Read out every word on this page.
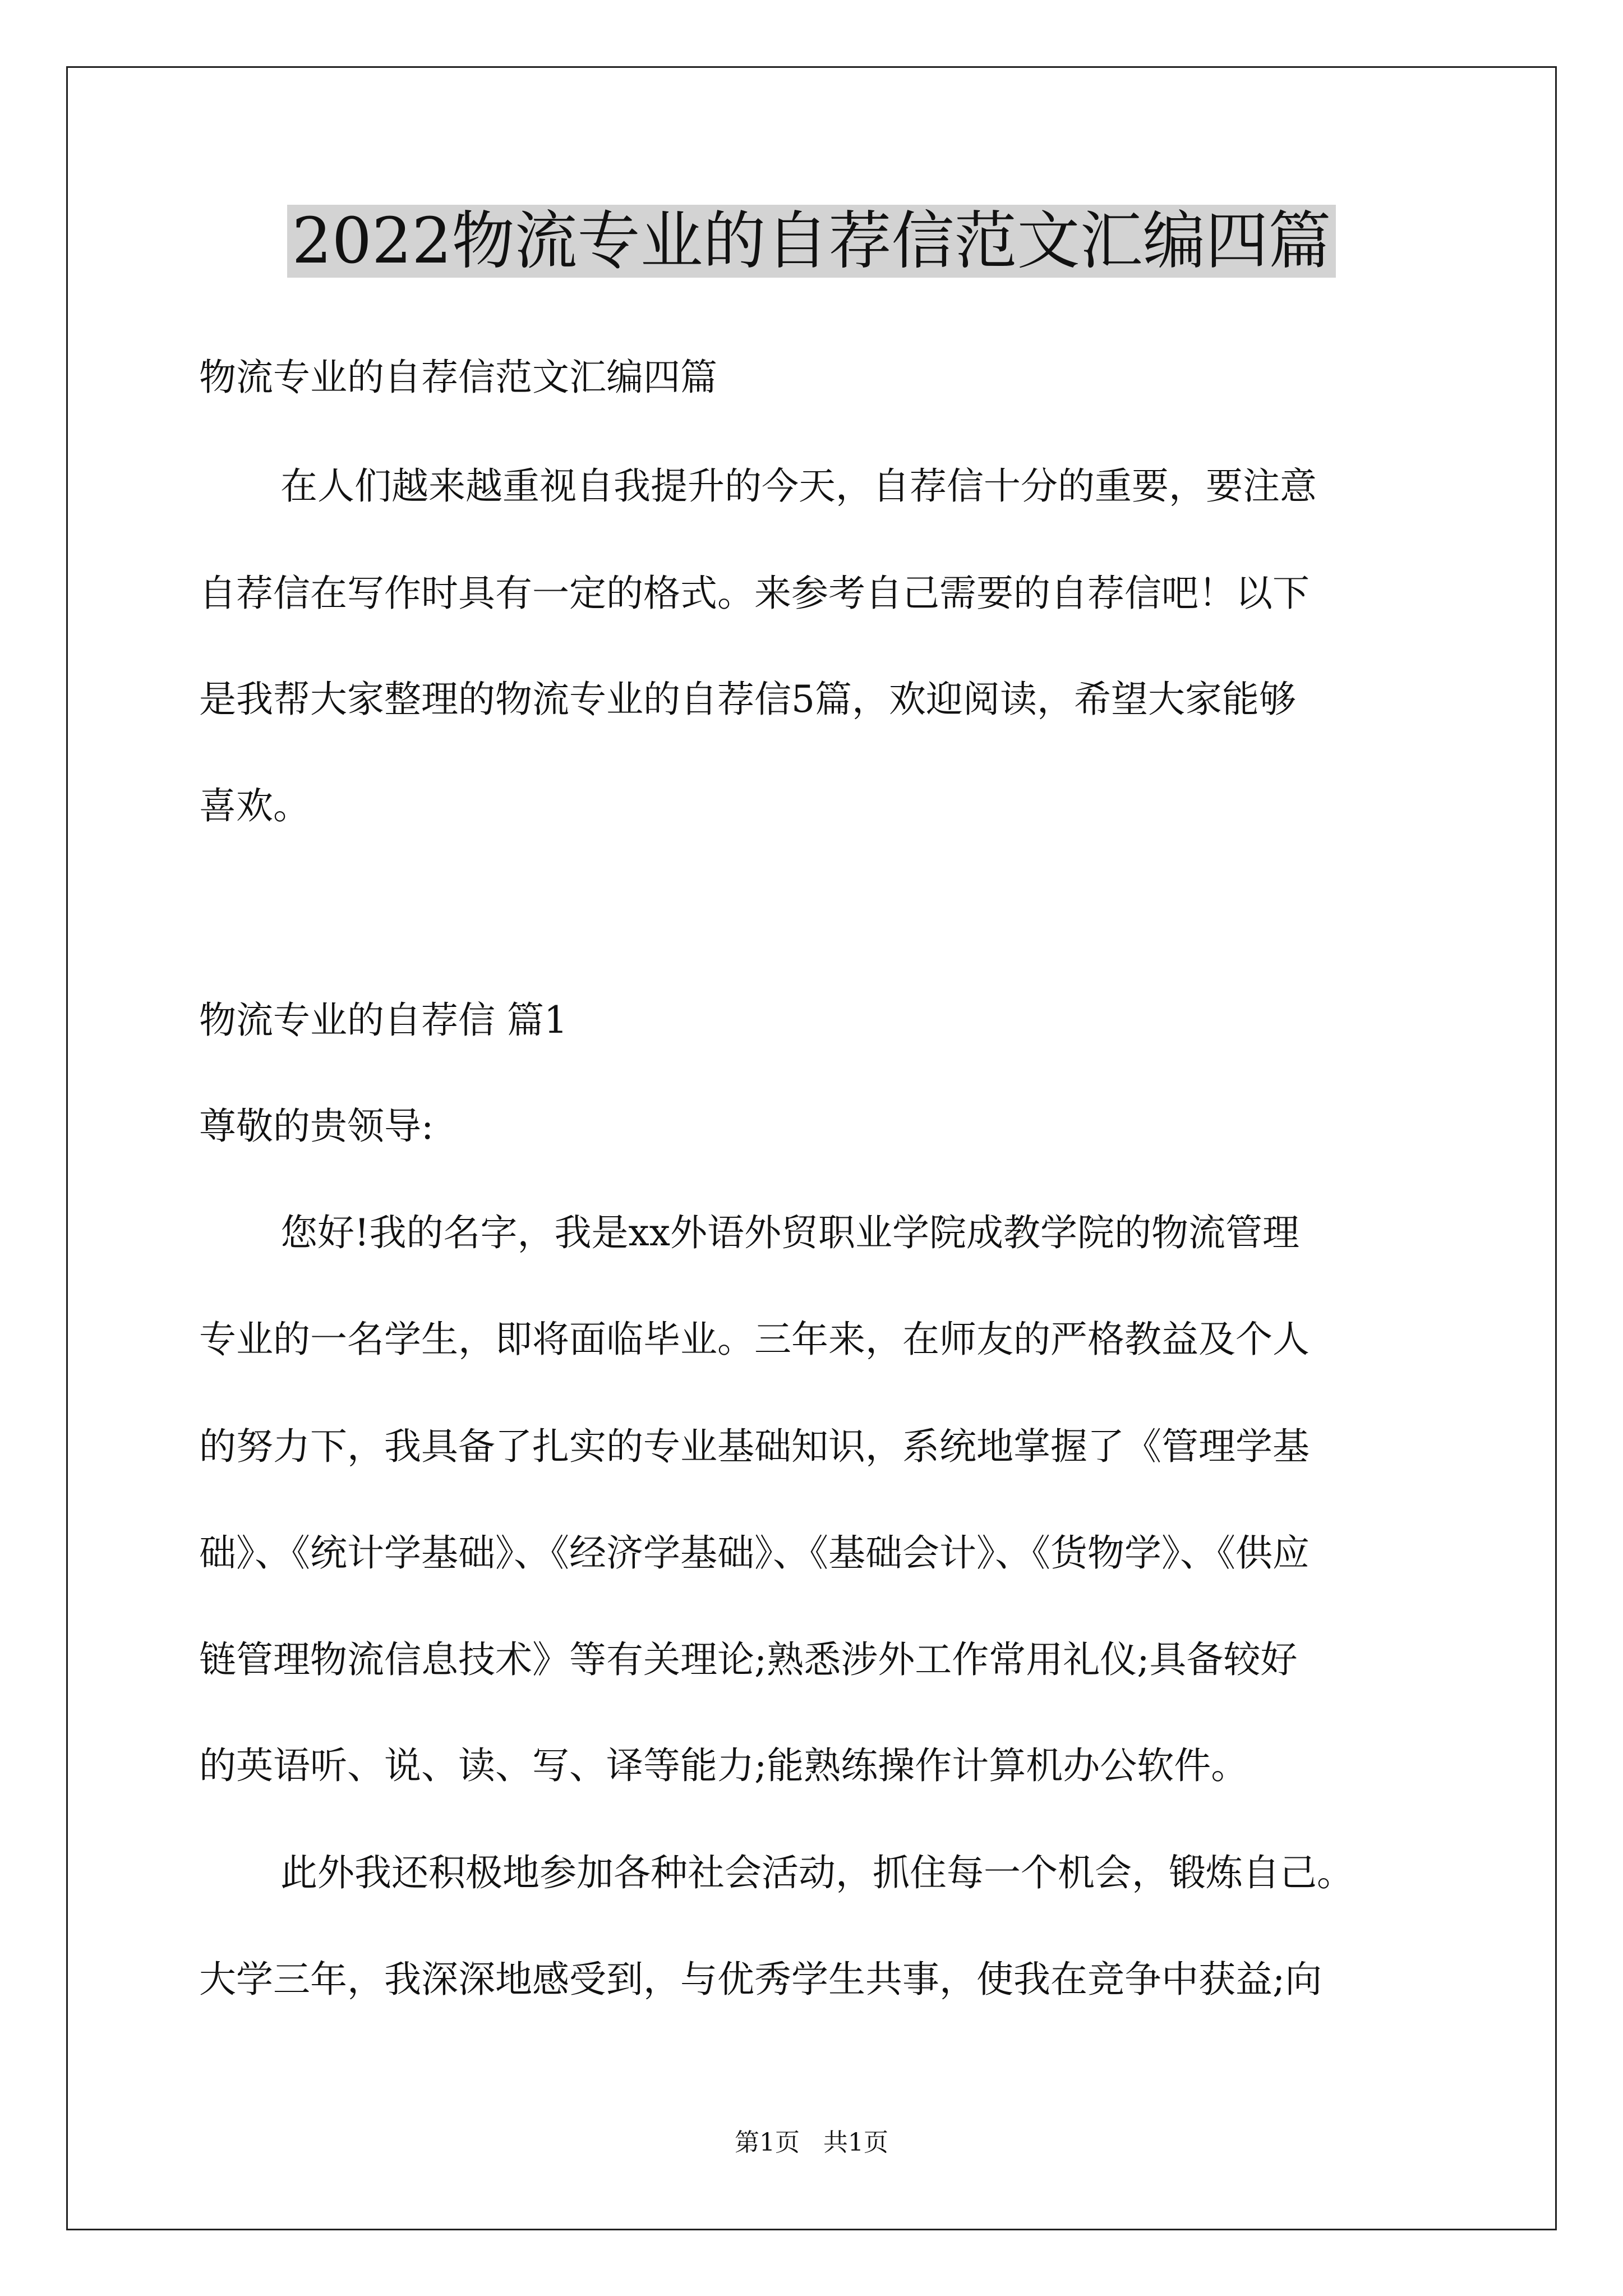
2022物流专业的自荐信范文汇编四篇

物流专业的自荐信范文汇编四篇

在人们越来越重视自我提升的今天，自荐信十分的重要，要注意

自荐信在写作时具有一定的格式。来参考自己需要的自荐信吧！以下

是我帮大家整理的物流专业的自荐信5篇，欢迎阅读，希望大家能够

喜欢。

物流专业的自荐信 篇1

尊敬的贵领导:

您好!我的名字，我是xx外语外贸职业学院成教学院的物流管理

专业的一名学生，即将面临毕业。三年来，在师友的严格教益及个人

的努力下，我具备了扎实的专业基础知识，系统地掌握了《管理学基

础》、《统计学基础》、《经济学基础》、《基础会计》、《货物学》、《供应

链管理物流信息技术》等有关理论;熟悉涉外工作常用礼仪;具备较好

的英语听、说、读、写、译等能力;能熟练操作计算机办公软件。

此外我还积极地参加各种社会活动，抓住每一个机会，锻炼自己。

大学三年，我深深地感受到，与优秀学生共事，使我在竞争中获益;向

第1页   共1页
